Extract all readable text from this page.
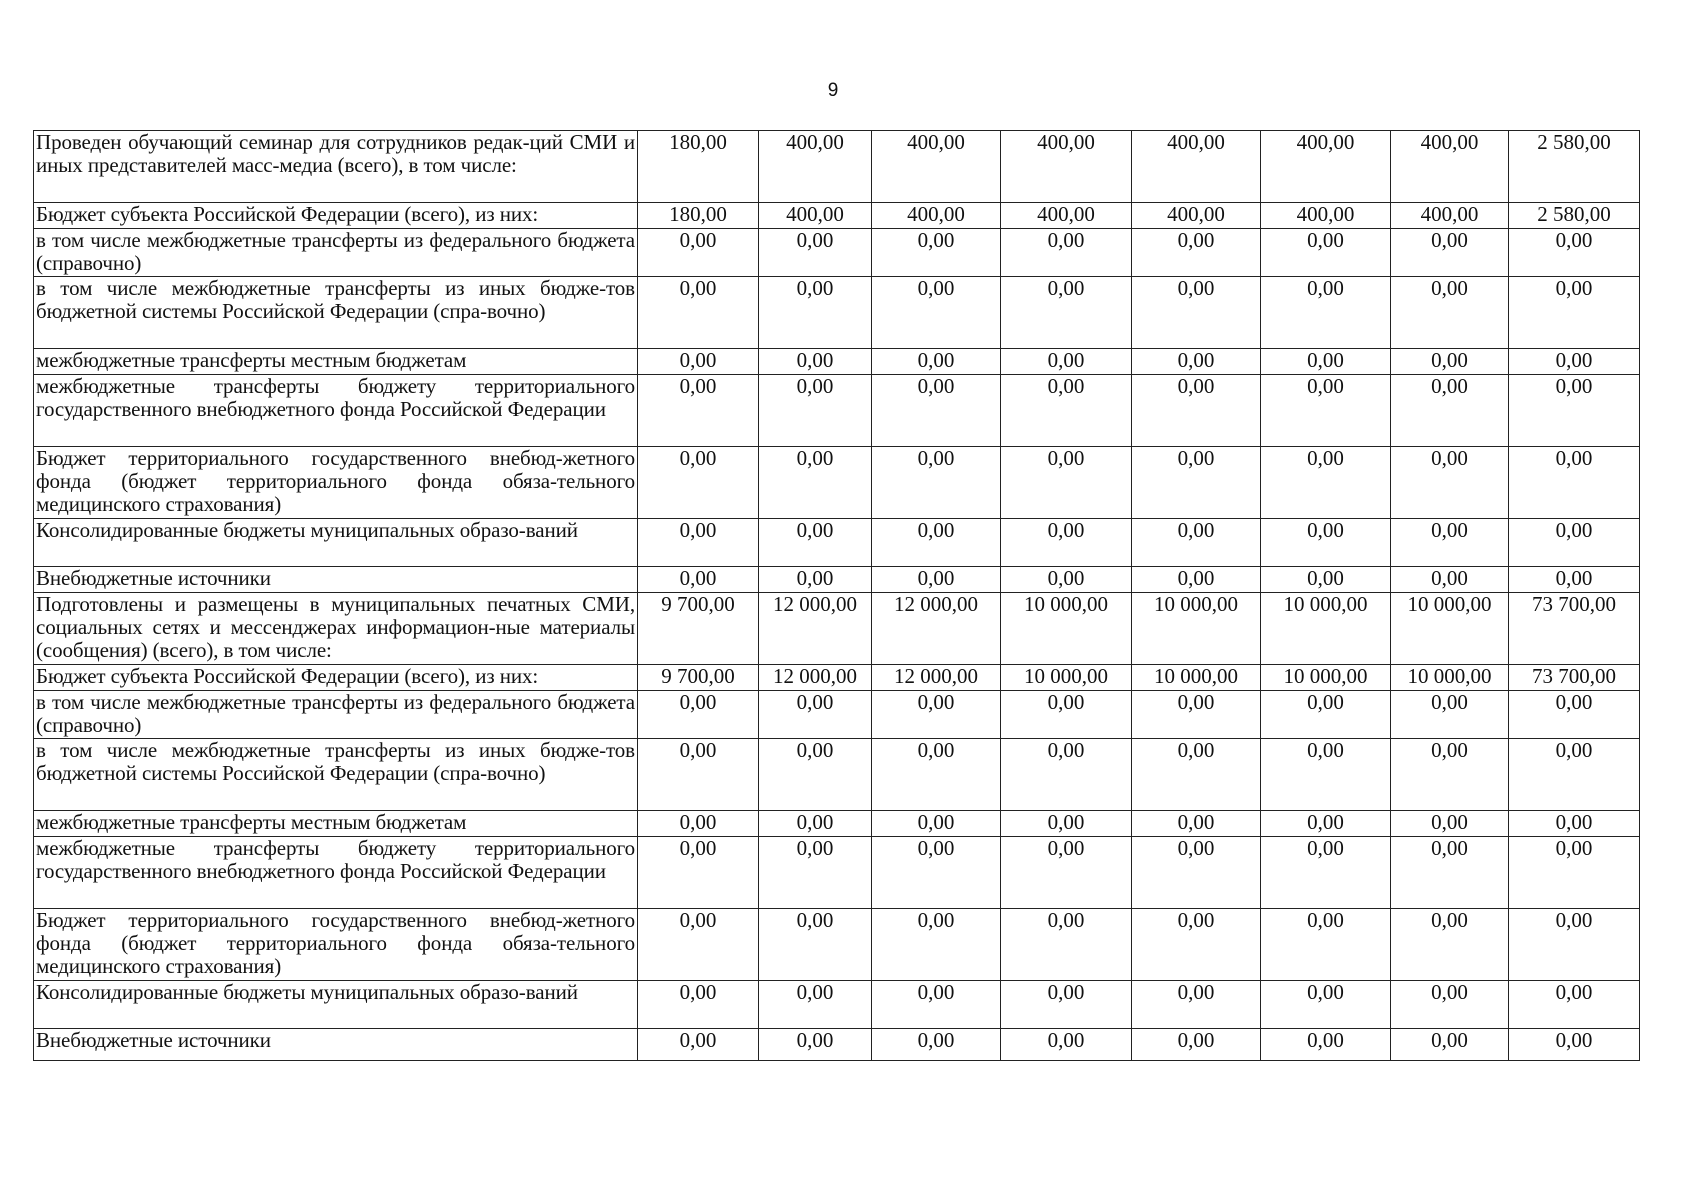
9
Проведен обучающий семинар для сотрудников редак-ций СМИ и иных представителей масс-медиа (всего), в том числе:	180,00	400,00	400,00	400,00	400,00	400,00	400,00	2 580,00
Бюджет субъекта Российской Федерации (всего), из них:	180,00	400,00	400,00	400,00	400,00	400,00	400,00	2 580,00
в том числе межбюджетные трансферты из федерального бюджета (справочно)	0,00	0,00	0,00	0,00	0,00	0,00	0,00	0,00
в том числе межбюджетные трансферты из иных бюдже-тов бюджетной системы Российской Федерации (спра-вочно)	0,00	0,00	0,00	0,00	0,00	0,00	0,00	0,00
межбюджетные трансферты местным бюджетам	0,00	0,00	0,00	0,00	0,00	0,00	0,00	0,00
межбюджетные трансферты бюджету территориального государственного внебюджетного фонда Российской Федерации	0,00	0,00	0,00	0,00	0,00	0,00	0,00	0,00
Бюджет территориального государственного внебюд-жетного фонда (бюджет территориального фонда обяза-тельного медицинского страхования)	0,00	0,00	0,00	0,00	0,00	0,00	0,00	0,00
Консолидированные бюджеты муниципальных образо-ваний	0,00	0,00	0,00	0,00	0,00	0,00	0,00	0,00
Внебюджетные источники	0,00	0,00	0,00	0,00	0,00	0,00	0,00	0,00
Подготовлены и размещены в муниципальных печатных СМИ, социальных сетях и мессенджерах информацион-ные материалы (сообщения) (всего), в том числе:	9 700,00	12 000,00	12 000,00	10 000,00	10 000,00	10 000,00	10 000,00	73 700,00
Бюджет субъекта Российской Федерации (всего), из них:	9 700,00	12 000,00	12 000,00	10 000,00	10 000,00	10 000,00	10 000,00	73 700,00
в том числе межбюджетные трансферты из федерального бюджета (справочно)	0,00	0,00	0,00	0,00	0,00	0,00	0,00	0,00
в том числе межбюджетные трансферты из иных бюдже-тов бюджетной системы Российской Федерации (спра-вочно)	0,00	0,00	0,00	0,00	0,00	0,00	0,00	0,00
межбюджетные трансферты местным бюджетам	0,00	0,00	0,00	0,00	0,00	0,00	0,00	0,00
межбюджетные трансферты бюджету территориального государственного внебюджетного фонда Российской Федерации	0,00	0,00	0,00	0,00	0,00	0,00	0,00	0,00
Бюджет территориального государственного внебюд-жетного фонда (бюджет территориального фонда обяза-тельного медицинского страхования)	0,00	0,00	0,00	0,00	0,00	0,00	0,00	0,00
Консолидированные бюджеты муниципальных образо-ваний	0,00	0,00	0,00	0,00	0,00	0,00	0,00	0,00
Внебюджетные источники	0,00	0,00	0,00	0,00	0,00	0,00	0,00	0,00
